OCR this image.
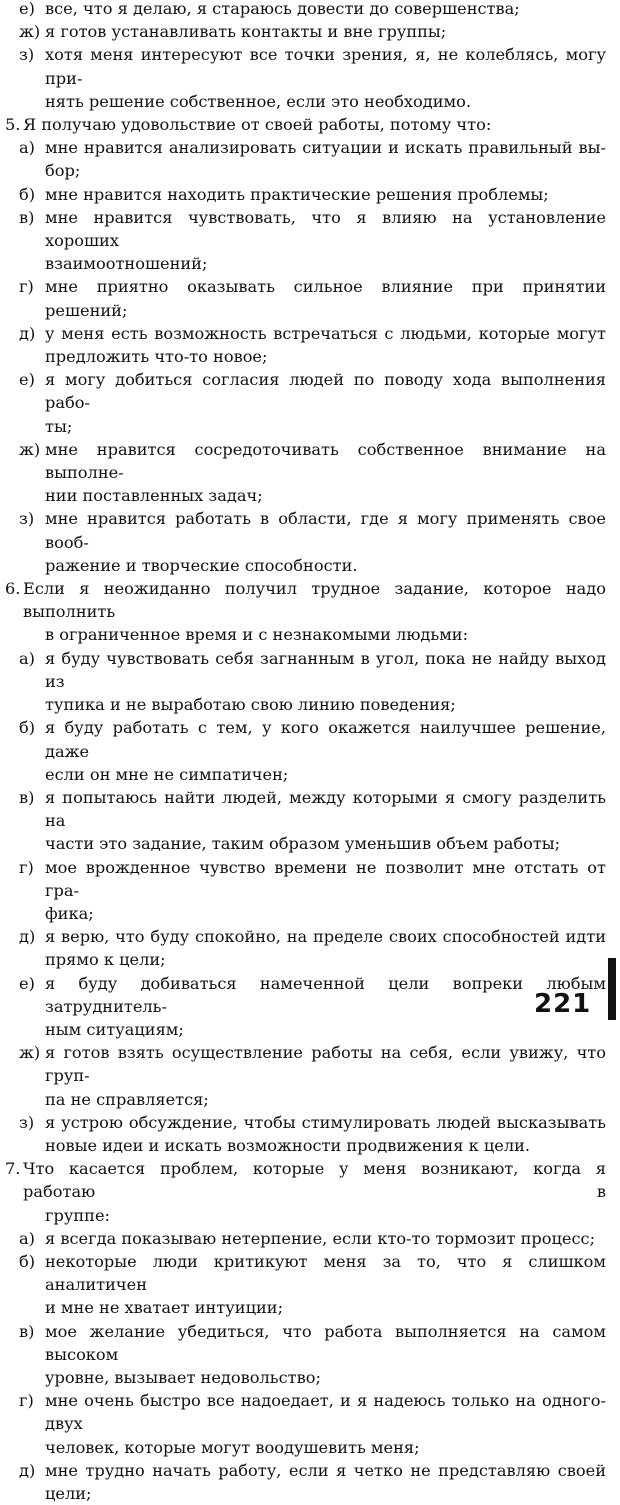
е) все, что я делаю, я стараюсь довести до совершенства;
ж) я готов устанавливать контакты и вне группы;
з) хотя меня интересуют все точки зрения, я, не колеблясь, могу при-
нять решение собственное, если это необходимо.
5. Я получаю удовольствие от своей работы, потому что:
а) мне нравится анализировать ситуации и искать правильный вы-
бор;
б) мне нравится находить практические решения проблемы;
в) мне нравится чувствовать, что я влияю на установление хороших
взаимоотношений;
г) мне приятно оказывать сильное влияние при принятии решений;
д) у меня есть возможность встречаться с людьми, которые могут
предложить что-то новое;
е) я могу добиться согласия людей по поводу хода выполнения рабо-
ты;
ж) мне нравится сосредоточивать собственное внимание на выполне-
нии поставленных задач;
з) мне нравится работать в области, где я могу применять свое вооб-
ражение и творческие способности.
6. Если я неожиданно получил трудное задание, которое надо выполнить
в ограниченное время и с незнакомыми людьми:
а) я буду чувствовать себя загнанным в угол, пока не найду выход из
тупика и не выработаю свою линию поведения;
б) я буду работать с тем, у кого окажется наилучшее решение, даже
если он мне не симпатичен;
в) я попытаюсь найти людей, между которыми я смогу разделить на
части это задание, таким образом уменьшив объем работы;
г) мое врожденное чувство времени не позволит мне отстать от гра-
фика;
д) я верю, что буду спокойно, на пределе своих способностей идти
прямо к цели;
е) я буду добиваться намеченной цели вопреки любым затруднитель-
ным ситуациям;
ж) я готов взять осуществление работы на себя, если увижу, что груп-
па не справляется;
з) я устрою обсуждение, чтобы стимулировать людей высказывать
новые идеи и искать возможности продвижения к цели.
7. Что касается проблем, которые у меня возникают, когда я работаю в
группе:
а) я всегда показываю нетерпение, если кто-то тормозит процесс;
б) некоторые люди критикуют меня за то, что я слишком аналитичен
и мне не хватает интуиции;
в) мое желание убедиться, что работа выполняется на самом высоком
уровне, вызывает недовольство;
г) мне очень быстро все надоедает, и я надеюсь только на одного-двух
человек, которые могут воодушевить меня;
д) мне трудно начать работу, если я четко не представляю своей цели;
221
